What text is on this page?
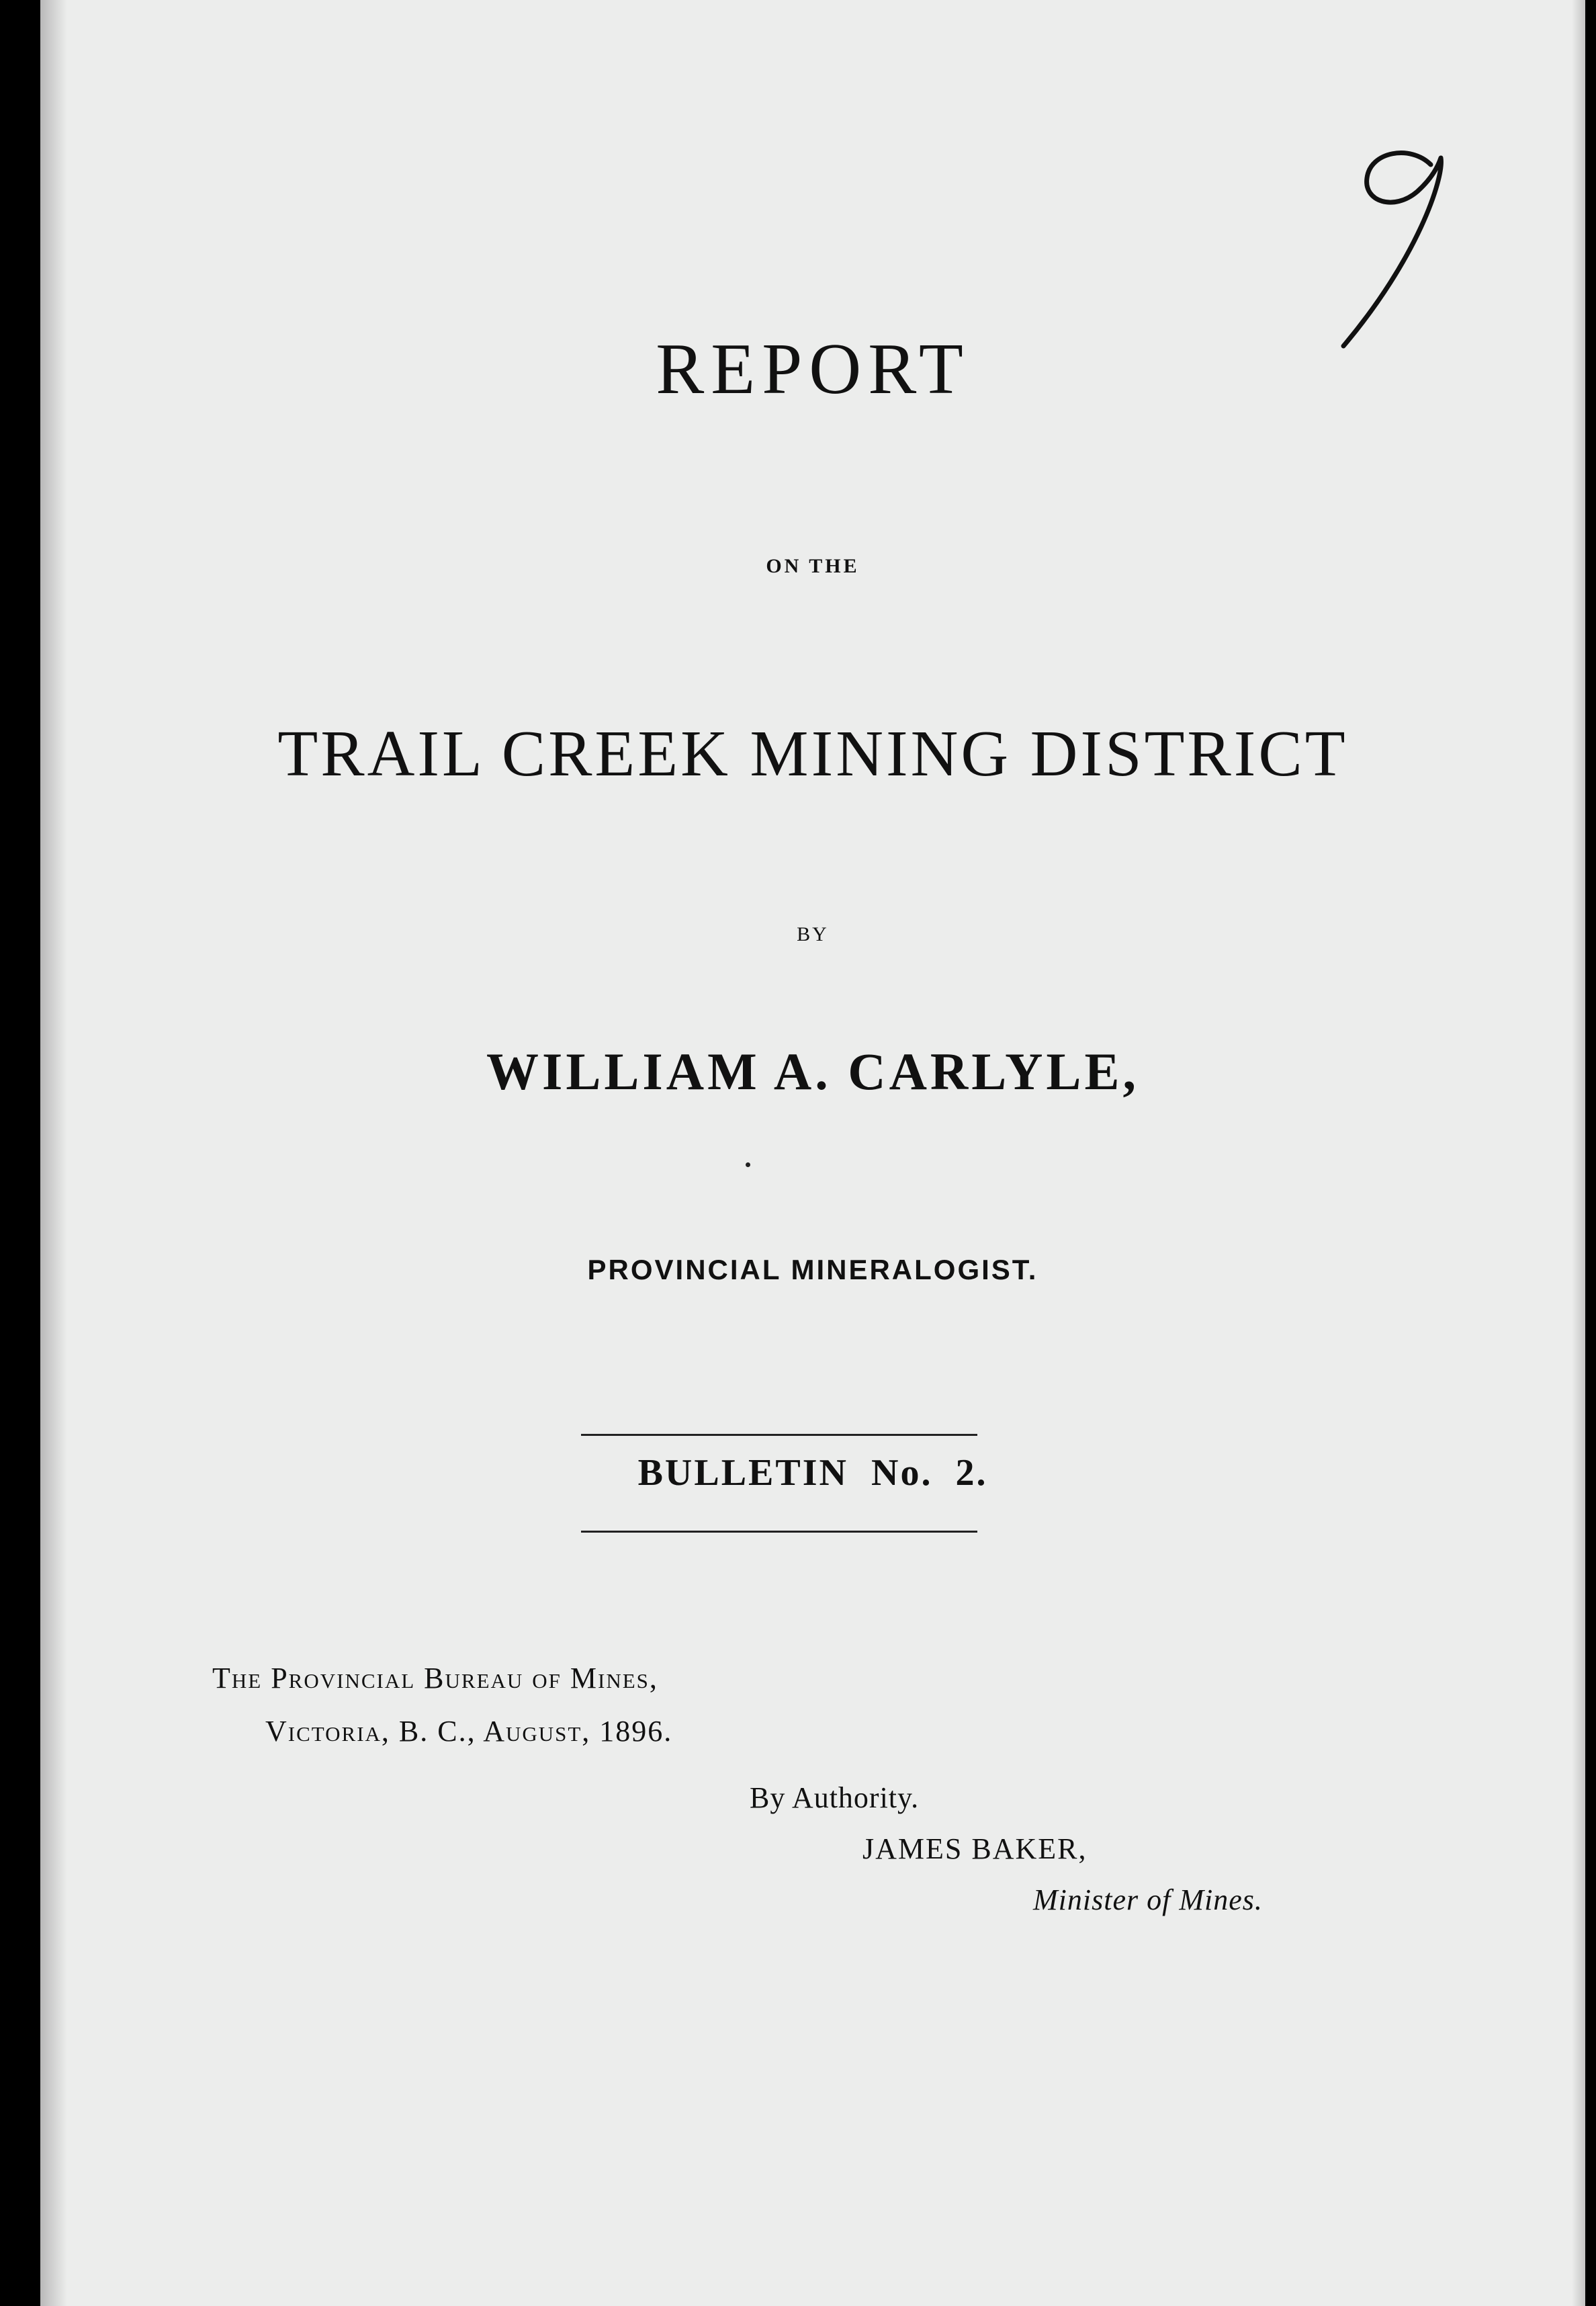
REPORT
ON THE
TRAIL CREEK MINING DISTRICT
BY
WILLIAM A. CARLYLE,
PROVINCIAL MINERALOGIST.
BULLETIN  No.  2.
The Provincial Bureau of Mines,
Victoria, B. C., August, 1896.
By Authority.
JAMES BAKER,
Minister of Mines.
